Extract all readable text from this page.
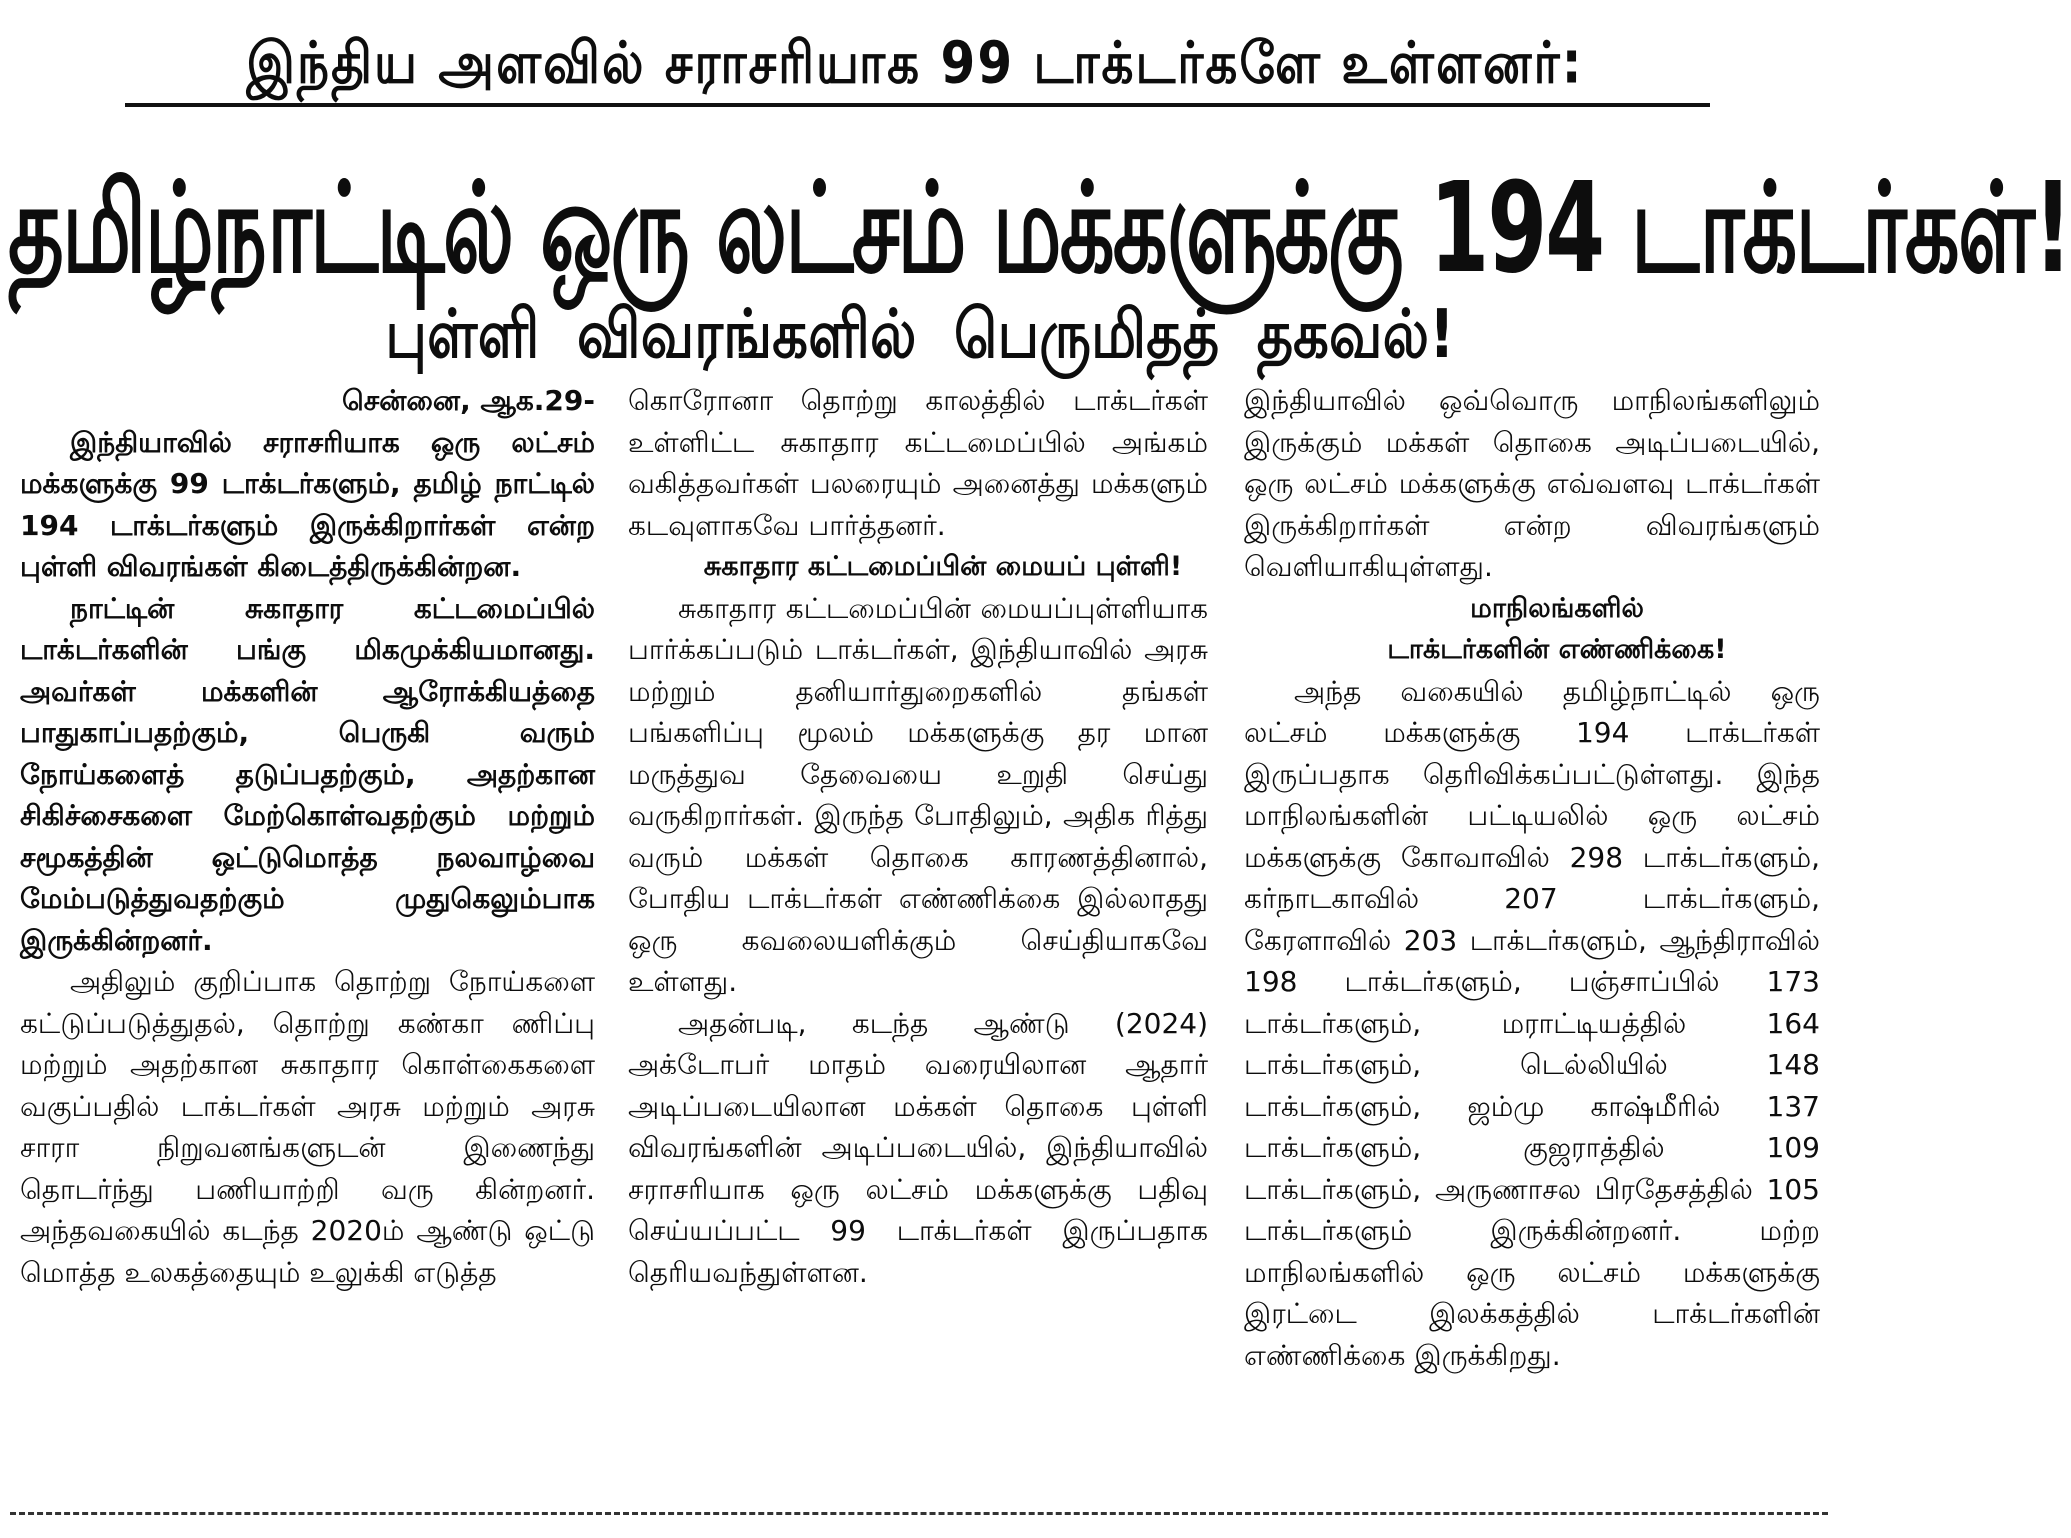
இந்திய அளவில் சராசரியாக 99 டாக்டர்களே உள்ளனர்:
தமிழ்நாட்டில் ஒரு லட்சம் மக்களுக்கு 194 டாக்டர்கள்!
புள்ளி விவரங்களில் பெருமிதத் தகவல்!

சென்னை, ஆக.29-

இந்தியாவில் சராசரியாக ஒரு லட்சம் மக்களுக்கு 99 டாக்டர்களும், தமிழ் நாட்டில் 194 டாக்டர்களும் இருக்கிறார்கள் என்ற புள்ளி விவரங்கள் கிடைத்திருக்கின்றன.

நாட்டின் சுகாதார கட்டமைப்பில் டாக்டர்களின் பங்கு மிகமுக்கியமானது. அவர்கள் மக்களின் ஆரோக்கியத்தை பாதுகாப்பதற்கும், பெருகி வரும் நோய்களைத் தடுப்பதற்கும், அதற்கான சிகிச்சைகளை மேற்கொள்வதற்கும் மற்றும் சமூகத்தின் ஒட்டுமொத்த நலவாழ்வை மேம்படுத்துவதற்கும் முதுகெலும்பாக இருக்கின்றனர்.

அதிலும் குறிப்பாக தொற்று நோய்களை கட்டுப்படுத்துதல், தொற்று கண்கா ணிப்பு மற்றும் அதற்கான சுகாதார கொள்கைகளை வகுப்பதில் டாக்டர்கள் அரசு மற்றும் அரசு சாரா நிறுவனங்களுடன் இணைந்து தொடர்ந்து பணியாற்றி வரு கின்றனர். அந்தவகையில் கடந்த 2020ம் ஆண்டு ஒட்டு மொத்த உலகத்தையும் உலுக்கி எடுத்த

கொரோனா தொற்று காலத்தில் டாக்டர்கள் உள்ளிட்ட சுகாதார கட்டமைப்பில் அங்கம் வகித்தவர்கள் பலரையும் அனைத்து மக்களும் கடவுளாகவே பார்த்தனர்.

சுகாதார கட்டமைப்பின் மையப் புள்ளி!

சுகாதார கட்டமைப்பின் மையப்புள்ளியாக பார்க்கப்படும் டாக்டர்கள், இந்தியாவில் அரசு மற்றும் தனியார்துறைகளில் தங்கள் பங்களிப்பு மூலம் மக்களுக்கு தர மான மருத்துவ தேவையை உறுதி செய்து வருகிறார்கள். இருந்த போதிலும், அதிக ரித்து வரும் மக்கள் தொகை காரணத்தினால், போதிய டாக்டர்கள் எண்ணிக்கை இல்லாதது ஒரு கவலையளிக்கும் செய்தியாகவே உள்ளது.

அதன்படி, கடந்த ஆண்டு (2024) அக்டோபர் மாதம் வரையிலான ஆதார் அடிப்படையிலான மக்கள் தொகை புள்ளி விவரங்களின் அடிப்படையில், இந்தியாவில் சராசரியாக ஒரு லட்சம் மக்களுக்கு பதிவு செய்யப்பட்ட 99 டாக்டர்கள் இருப்பதாக தெரியவந்துள்ளன.

இந்தியாவில் ஒவ்வொரு மாநிலங்களிலும் இருக்கும் மக்கள் தொகை அடிப்படையில், ஒரு லட்சம் மக்களுக்கு எவ்வளவு டாக்டர்கள் இருக்கிறார்கள் என்ற விவரங்களும் வெளியாகியுள்ளது.

மாநிலங்களில்

டாக்டர்களின் எண்ணிக்கை!

அந்த வகையில் தமிழ்நாட்டில் ஒரு லட்சம் மக்களுக்கு 194 டாக்டர்கள் இருப்பதாக தெரிவிக்கப்பட்டுள்ளது. இந்த மாநிலங்களின் பட்டியலில் ஒரு லட்சம் மக்களுக்கு கோவாவில் 298 டாக்டர்களும், கர்நாடகாவில் 207 டாக்டர்களும், கேரளாவில் 203 டாக்டர்களும், ஆந்திராவில் 198 டாக்டர்களும், பஞ்சாப்பில் 173 டாக்டர்களும், மராட்டியத்தில் 164 டாக்டர்களும், டெல்லியில் 148 டாக்டர்களும், ஜம்மு காஷ்மீரில் 137 டாக்டர்களும், குஜராத்தில் 109 டாக்டர்களும், அருணாசல பிரதேசத்தில் 105 டாக்டர்களும் இருக்கின்றனர். மற்ற மாநிலங்களில் ஒரு லட்சம் மக்களுக்கு இரட்டை இலக்கத்தில் டாக்டர்களின் எண்ணிக்கை இருக்கிறது.
